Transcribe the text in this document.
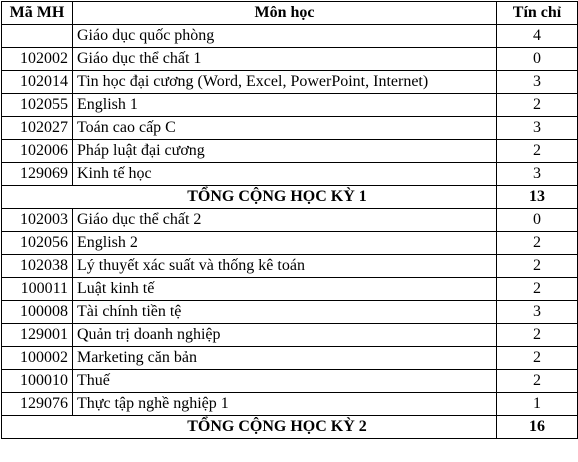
Mã MH	Môn học	Tín chỉ
	Giáo dục quốc phòng	4
102002	Giáo dục thể chất 1	0
102014	Tin học đại cương (Word, Excel, PowerPoint, Internet)	3
102055	English 1	2
102027	Toán cao cấp C	3
102006	Pháp luật đại cương	2
129069	Kinh tế học	3
TỔNG CỘNG HỌC KỲ 1		13
102003	Giáo dục thể chất 2	0
102056	English 2	2
102038	Lý thuyết xác suất và thống kê toán	2
100011	Luật kinh tế	2
100008	Tài chính tiền tệ	3
129001	Quản trị doanh nghiệp	2
100002	Marketing căn bản	2
100010	Thuế	2
129076	Thực tập nghề nghiệp 1	1
TỔNG CỘNG HỌC KỲ 2		16
